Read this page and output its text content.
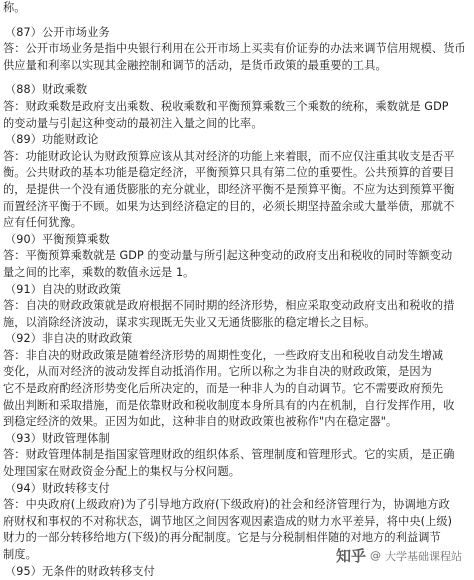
称。
（87）公开市场业务
答：公开市场业务是指中央银行利用在公开市场上买卖有价证券的办法来调节信用规模、货币
供应量和利率以实现其金融控制和调节的活动，是货币政策的最重要的工具。
（88）财政乘数
答：财政乘数是政府支出乘数、税收乘数和平衡预算乘数三个乘数的统称，乘数就是 GDP
的变动量与引起这种变动的最初注入量之间的比率。
（89）功能财政论
答：功能财政论认为财政预算应该从其对经济的功能上来着眼，而不应仅注重其收支是否平
衡。公共财政的基本功能是稳定经济，平衡预算只具有第二位的重要性。公共预算的首要目
的，是提供一个没有通货膨胀的充分就业，即经济平衡不是预算平衡。不应为达到预算平衡
而置经济平衡于不顾。如果为达到经济稳定的目的，必须长期坚持盈余或大量举债，那就不
应有任何犹豫。
（90）平衡预算乘数
答：平衡预算乘数就是 GDP 的变动量与所引起这种变动的政府支出和税收的同时等额变动
量之间的比率，乘数的数值永远是 1。
（91）自决的财政政策
答：自决的财政政策就是政府根据不同时期的经济形势，相应采取变动政府支出和税收的措
施，以消除经济波动，谋求实现既无失业又无通货膨胀的稳定增长之目标。
（92）非自决的财政政策
答：非自决的财政政策是随着经济形势的周期性变化，一些政府支出和税收自动发生增减
变化，从而对经济的波动发挥自动抵消作用。它所以称之为非自决的财政政策，是因为
它不是政府酌经济形势变化后所决定的，而是一种非人为的自动调节。它不需要政府预先
做出判断和采取措施，而是依靠财政和税收制度本身所具有的内在机制，自行发挥作用，收
到稳定经济的效果。正因为如此，这种非自的财政政策也被称作"内在稳定器"。
（93）财政管理体制
答：财政管理体制是指国家管理财政的组织体系、管理制度和管理形式。它的实质，是正确
处理国家在财政资金分配上的集权与分权问题。
（94）财政转移支付
答：中央政府(上级政府)为了引导地方政府(下级政府)的社会和经济管理行为，协调地方政
府财权和事权的不对称状态，调节地区之间因客观因素造成的财力水平差异，将中央(上级)
财力的一部分转移给地方(下级)的再分配制度。它是与分税制相伴随的对地方的利益调节
制度。
（95）无条件的财政转移支付
知乎 @ 大学基础课程站
